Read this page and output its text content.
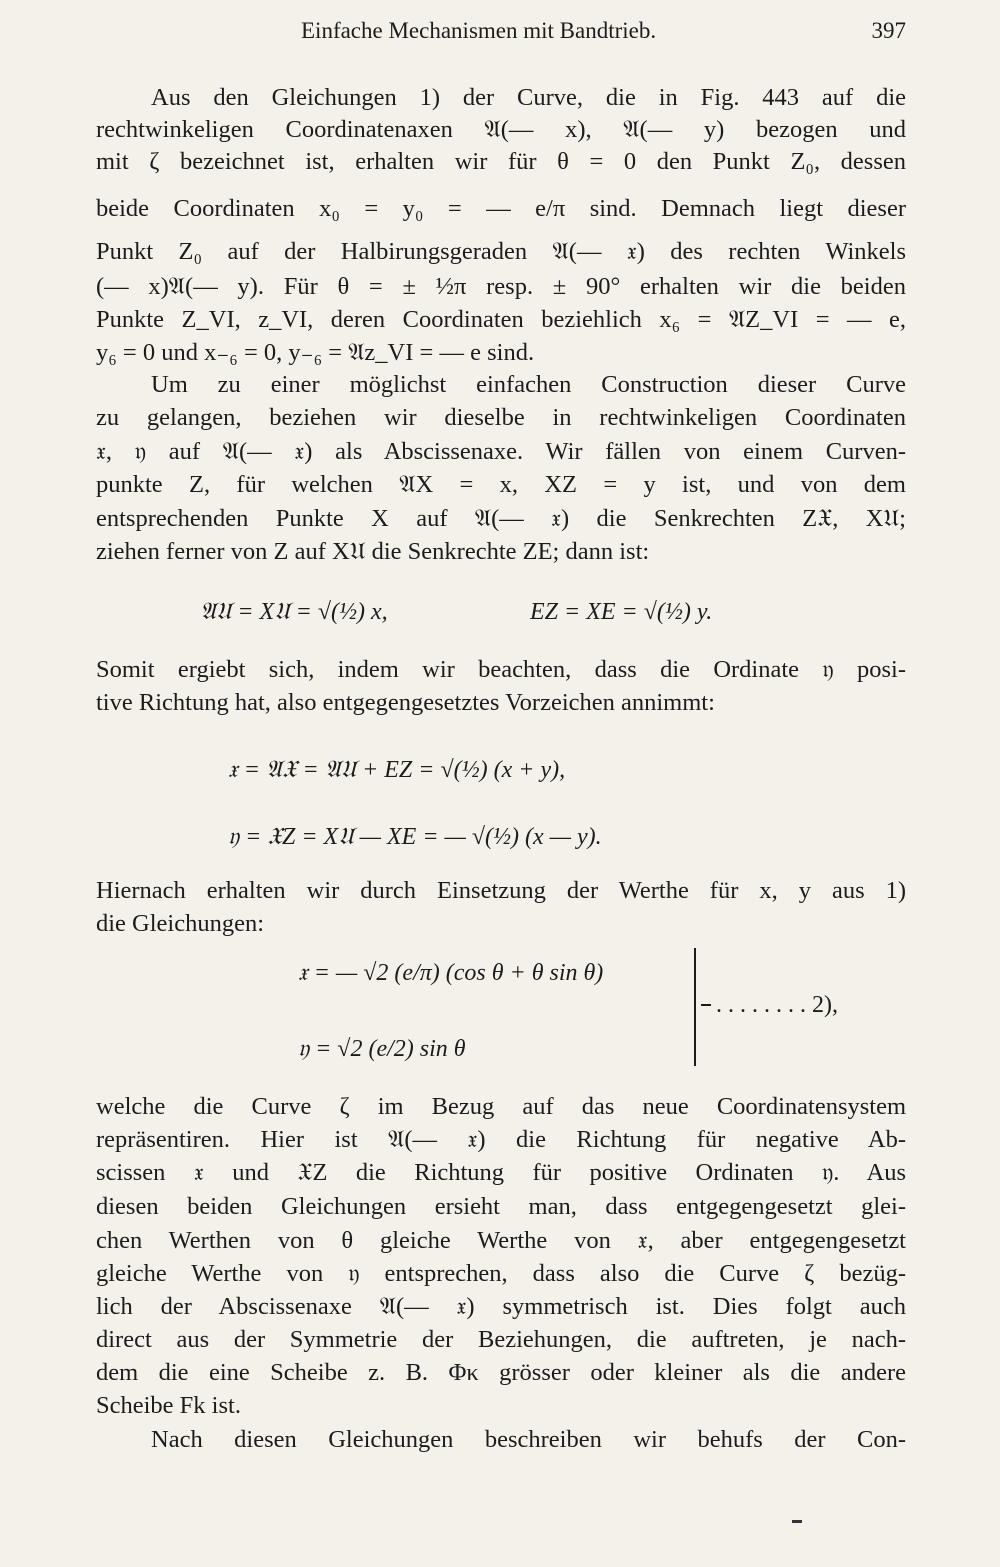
Einfache Mechanismen mit Bandtrieb.	397
Aus den Gleichungen 1) der Curve, die in Fig. 443 auf die
rechtwinkeligen Coordinatenaxen 𝔄(— x), 𝔄(— y) bezogen und
mit ζ bezeichnet ist, erhalten wir für θ = 0 den Punkt Z₀, dessen
beide Coordinaten x₀ = y₀ = — e/π sind. Demnach liegt dieser
Punkt Z₀ auf der Halbirungsgeraden 𝔄(— 𝔵) des rechten Winkels
(— x)𝔄(— y). Für θ = ± ½π resp. ± 90° erhalten wir die beiden
Punkte Z_VI, z_VI, deren Coordinaten beziehlich x₆ = 𝔄Z_VI = — e,
y₆ = 0 und x₋₆ = 0, y₋₆ = 𝔄z_VI = — e sind.
Um zu einer möglichst einfachen Construction dieser Curve
zu gelangen, beziehen wir dieselbe in rechtwinkeligen Coordinaten
𝔵, 𝔶 auf 𝔄(— 𝔵) als Abscissenaxe. Wir fällen von einem Curven-
punkte Z, für welchen 𝔄X = x, XZ = y ist, und von dem
entsprechenden Punkte X auf 𝔄(— 𝔵) die Senkrechten Z𝔛, X𝔘;
ziehen ferner von Z auf X𝔘 die Senkrechte ZE; dann ist:
𝔄𝔘 = X𝔘 = √(½) x,	EZ = XE = √(½) y.
Somit ergiebt sich, indem wir beachten, dass die Ordinate 𝔶 posi-
tive Richtung hat, also entgegengesetztes Vorzeichen annimmt:
𝔵 = 𝔄𝔛 = 𝔄𝔘 + EZ = √(½) (x + y),
𝔶 = 𝔛Z = X𝔘 — XE = — √(½) (x — y).
Hiernach erhalten wir durch Einsetzung der Werthe für x, y aus 1)
die Gleichungen:
𝔵 = — √2 (e/π) (cos θ + θ sin θ)
𝔶 = √2 (e/2) sin θ
. . . . . . . . 2),
welche die Curve ζ im Bezug auf das neue Coordinatensystem
repräsentiren. Hier ist 𝔄(— 𝔵) die Richtung für negative Ab-
scissen 𝔵 und 𝔛Z die Richtung für positive Ordinaten 𝔶. Aus
diesen beiden Gleichungen ersieht man, dass entgegengesetzt glei-
chen Werthen von θ gleiche Werthe von 𝔵, aber entgegengesetzt
gleiche Werthe von 𝔶 entsprechen, dass also die Curve ζ bezüg-
lich der Abscissenaxe 𝔄(— 𝔵) symmetrisch ist. Dies folgt auch
direct aus der Symmetrie der Beziehungen, die auftreten, je nach-
dem die eine Scheibe z. B. Φκ grösser oder kleiner als die andere
Scheibe Fk ist.
Nach diesen Gleichungen beschreiben wir behufs der Con-
